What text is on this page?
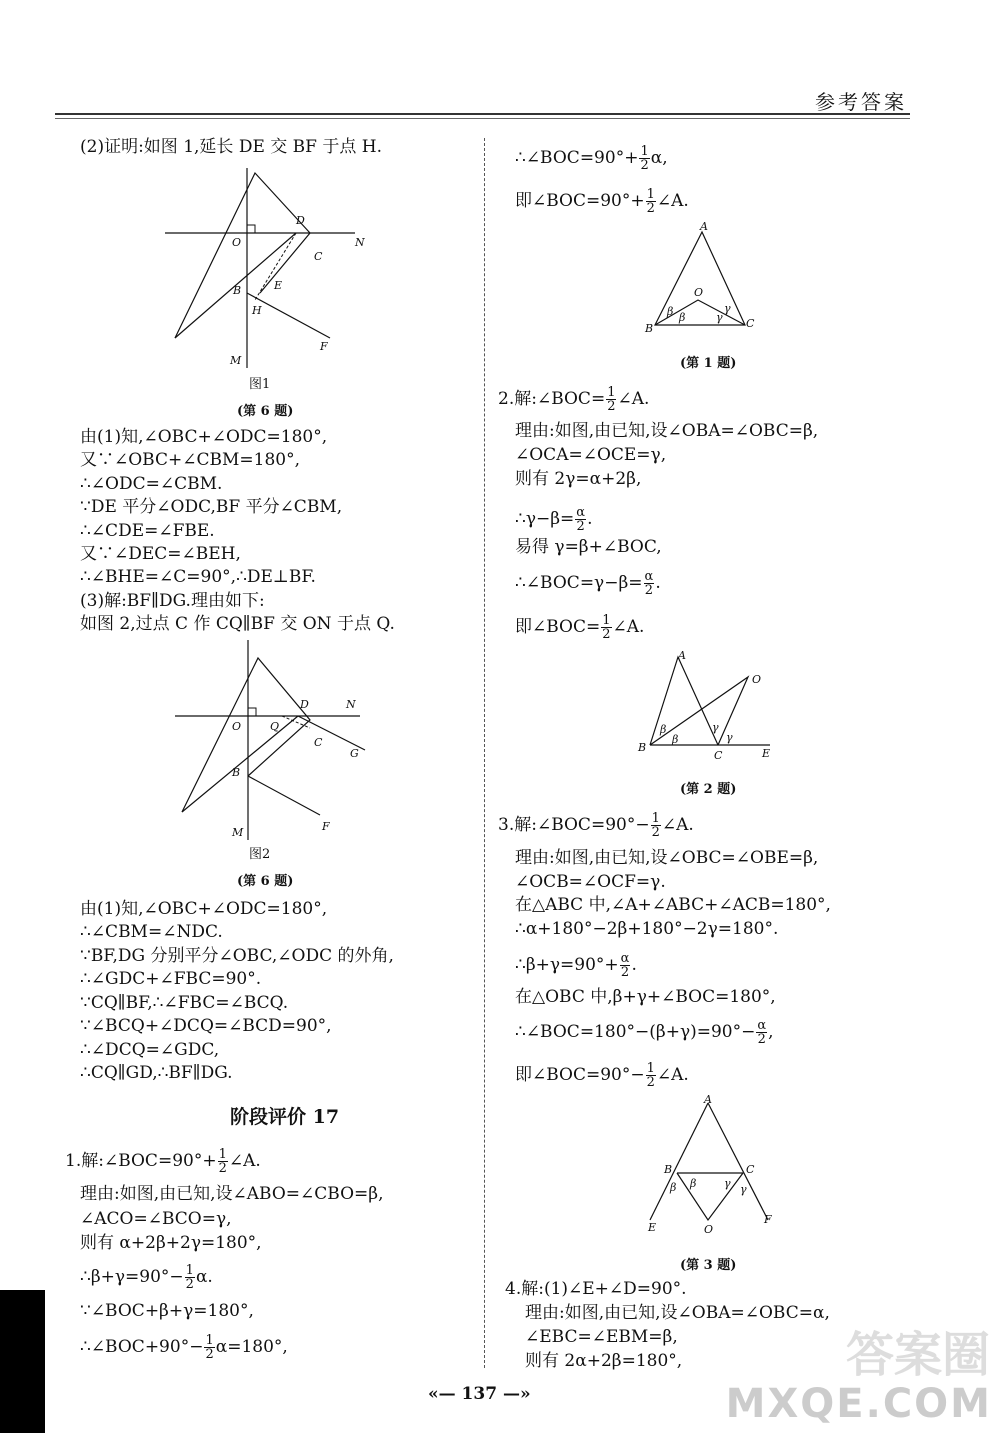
参考答案
(2)证明:如图 1,延长 DE 交 BF 于点 H.
O
D
N
C
B	E
H
F
M
图1
(第 6 题)
由(1)知,∠OBC+∠ODC=180°,
又∵∠OBC+∠CBM=180°,
∴∠ODC=∠CBM.
∵DE 平分∠ODC,BF 平分∠CBM,
∴∠CDE=∠FBE.
又∵∠DEC=∠BEH,
∴∠BHE=∠C=90°,∴DE⊥BF.
(3)解:BF∥DG.理由如下:
如图 2,过点 C 作 CQ∥BF 交 ON 于点 Q.
O	Q
D	N
C
G
B
F
M
图2
(第 6 题)
由(1)知,∠OBC+∠ODC=180°,
∴∠CBM=∠NDC.
∵BF,DG 分别平分∠OBC,∠ODC 的外角,
∴∠GDC+∠FBC=90°.
∵CQ∥BF,∴∠FBC=∠BCQ.
∵∠BCQ+∠DCQ=∠BCD=90°,
∴∠DCQ=∠GDC,
∴CQ∥GD,∴BF∥DG.
阶段评价 17
1.解:∠BOC=90°+ $\frac{1}{2}$ ∠A.
理由:如图,由已知,设∠ABO=∠CBO=β,
∠ACO=∠BCO=γ,
则有 α+2β+2γ=180°,
∴β+γ=90°− $\frac{1}{2} \alpha$.
∵∠BOC+β+γ=180°,
∴∠BOC+90°− $\frac{1}{2} \alpha=180^\circ$,
∴∠BOC=90°+ $\frac{1}{2} \alpha$,
即∠BOC=90°+ $\frac{1}{2}$ ∠A.
A
B	C
O
β β
γ
γ
(第 1 题)
2.解:∠BOC= $\frac{1}{2}$ ∠A.
理由:如图,由已知,设∠OBA=∠OBC=β,
∠OCA=∠OCE=γ,
则有 2γ=α+2β,
∴γ−β= $\frac{\alpha}{2}$ .
易得 γ=β+∠BOC,
∴∠BOC=γ−β= $\frac{\alpha}{2}$ .
即∠BOC= $\frac{1}{2}$ ∠A.
A
O
B
C	E
β
β
γ
γ
(第 2 题)
3.解:∠BOC=90°− $\frac{1}{2}$ ∠A.
理由:如图,由已知,设∠OBC=∠OBE=β,
∠OCB=∠OCF=γ.
在△ABC 中,∠A+∠ABC+∠ACB=180°,
∴α+180°−2β+180°−2γ=180°.
∴β+γ=90°+ $\frac{\alpha}{2}$ .
在△OBC 中,β+γ+∠BOC=180°,
∴∠BOC=180°−(β+γ)=90°− $\frac{\alpha}{2}$ ,
即∠BOC=90°− $\frac{1}{2}$ ∠A.
A
B	C
O
E
F
β β	γ γ
(第 3 题)
4.解:(1)∠E+∠D=90°.
理由:如图,由已知,设∠OBA=∠OBC=α,
∠EBC=∠EBM=β,
则有 2α+2β=180°,
«— 137 —»
答案圈
MXQE.COM
